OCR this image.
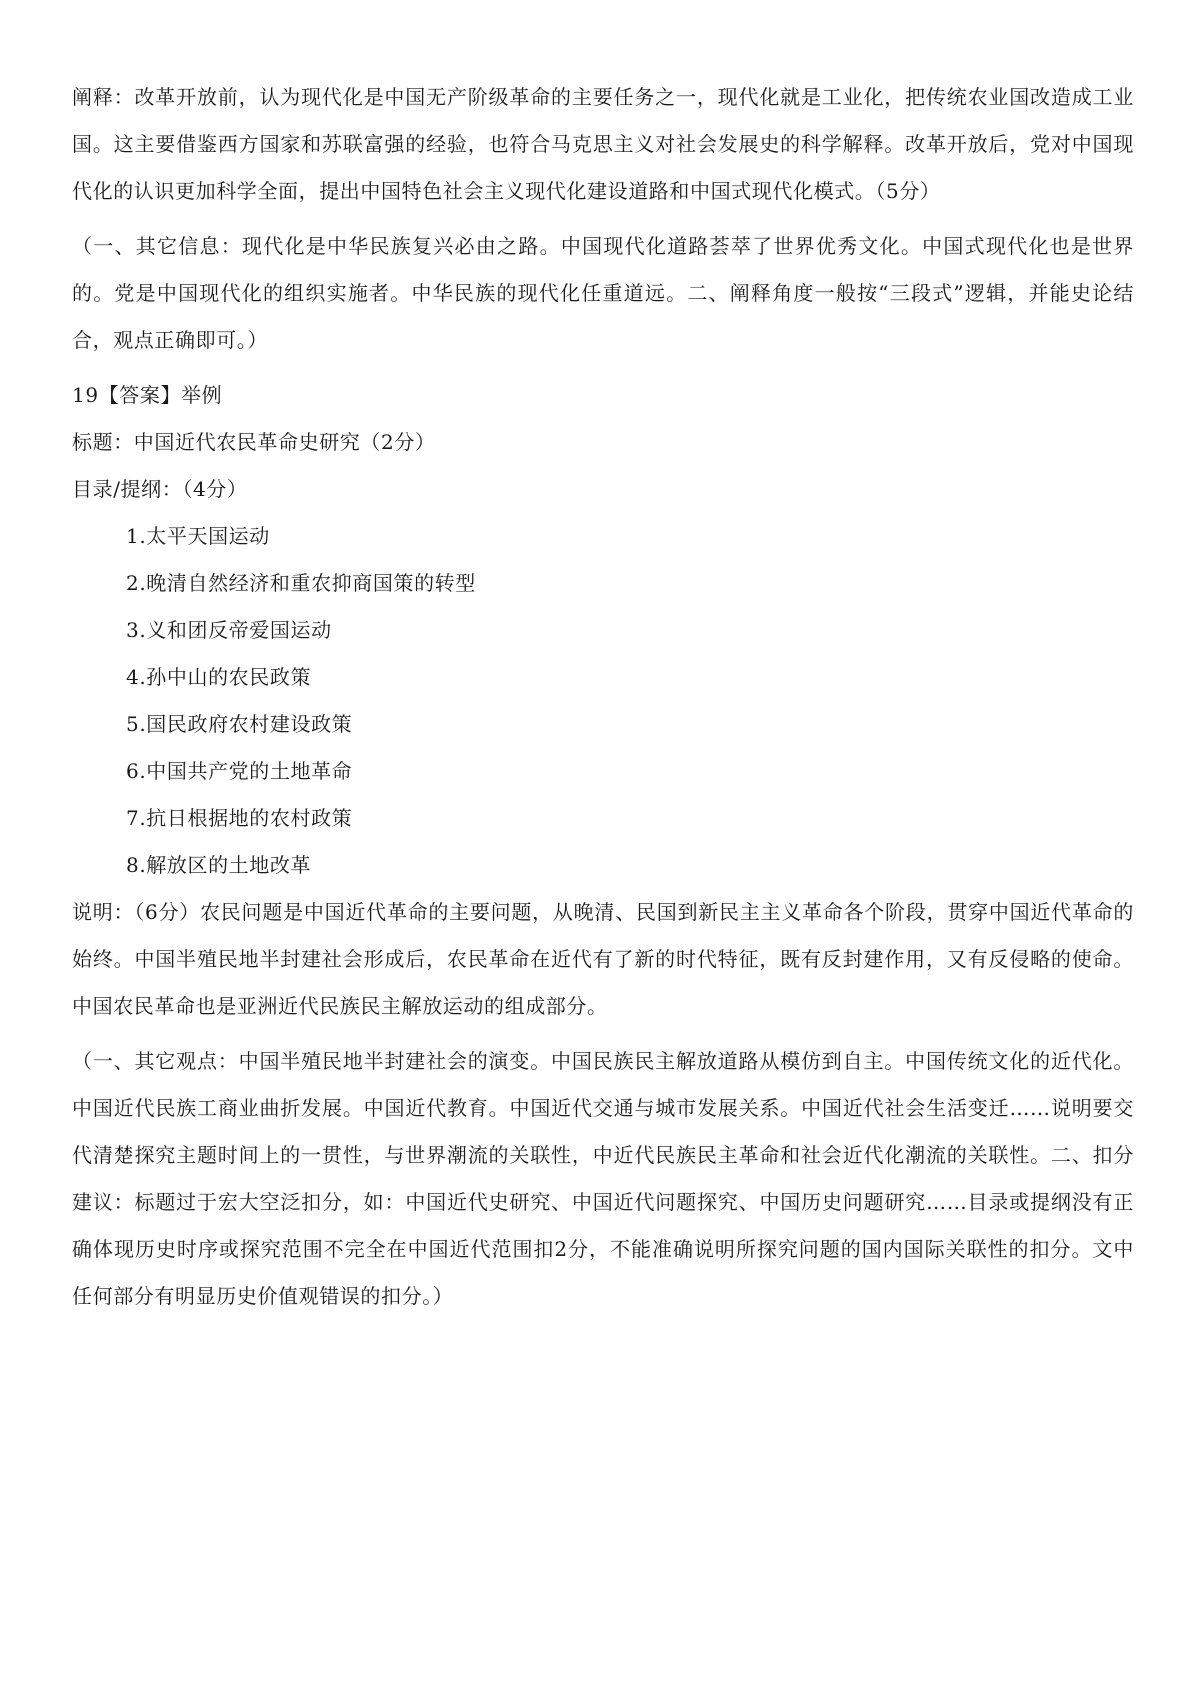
阐释：改革开放前，认为现代化是中国无产阶级革命的主要任务之一，现代化就是工业化，把传统农业国改造成工业国。这主要借鉴西方国家和苏联富强的经验，也符合马克思主义对社会发展史的科学解释。改革开放后，党对中国现代化的认识更加科学全面，提出中国特色社会主义现代化建设道路和中国式现代化模式。（5分）

（一、其它信息：现代化是中华民族复兴必由之路。中国现代化道路荟萃了世界优秀文化。中国式现代化也是世界的。党是中国现代化的组织实施者。中华民族的现代化任重道远。二、阐释角度一般按“三段式”逻辑，并能史论结合，观点正确即可。）

19【答案】举例

标题：中国近代农民革命史研究（2分）

目录/提纲：（4分）

1.太平天国运动

2.晚清自然经济和重农抑商国策的转型

3.义和团反帝爱国运动

4.孙中山的农民政策

5.国民政府农村建设政策

6.中国共产党的土地革命

7.抗日根据地的农村政策

8.解放区的土地改革

说明：（6分）农民问题是中国近代革命的主要问题，从晚清、民国到新民主主义革命各个阶段，贯穿中国近代革命的始终。中国半殖民地半封建社会形成后，农民革命在近代有了新的时代特征，既有反封建作用，又有反侵略的使命。中国农民革命也是亚洲近代民族民主解放运动的组成部分。

（一、其它观点：中国半殖民地半封建社会的演变。中国民族民主解放道路从模仿到自主。中国传统文化的近代化。中国近代民族工商业曲折发展。中国近代教育。中国近代交通与城市发展关系。中国近代社会生活变迁……说明要交代清楚探究主题时间上的一贯性，与世界潮流的关联性，中近代民族民主革命和社会近代化潮流的关联性。二、扣分建议：标题过于宏大空泛扣分，如：中国近代史研究、中国近代问题探究、中国历史问题研究……目录或提纲没有正确体现历史时序或探究范围不完全在中国近代范围扣2分，不能准确说明所探究问题的国内国际关联性的扣分。文中任何部分有明显历史价值观错误的扣分。）
